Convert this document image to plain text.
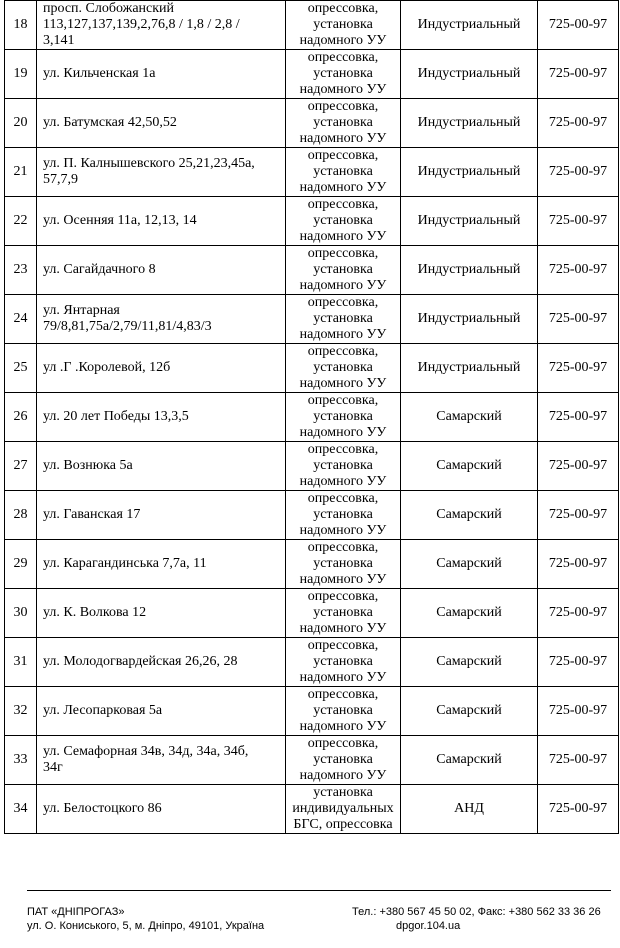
18	просп. Слобожанский
113,127,137,139,2,76,8 / 1,8 / 2,8 /
3,141	опрессовка,
установка
надомного УУ	Индустриальный	725-00-97
19	ул. Кильченская 1а	опрессовка,
установка
надомного УУ	Индустриальный	725-00-97
20	ул. Батумская 42,50,52	опрессовка,
установка
надомного УУ	Индустриальный	725-00-97
21	ул. П. Калнышевского 25,21,23,45а,
57,7,9	опрессовка,
установка
надомного УУ	Индустриальный	725-00-97
22	ул. Осенняя 11а, 12,13, 14	опрессовка,
установка
надомного УУ	Индустриальный	725-00-97
23	ул. Сагайдачного 8	опрессовка,
установка
надомного УУ	Индустриальный	725-00-97
24	ул. Янтарная
79/8,81,75а/2,79/11,81/4,83/3	опрессовка,
установка
надомного УУ	Индустриальный	725-00-97
25	ул .Г .Королевой, 12б	опрессовка,
установка
надомного УУ	Индустриальный	725-00-97
26	ул. 20 лет Победы 13,3,5	опрессовка,
установка
надомного УУ	Самарский	725-00-97
27	ул. Вознюка 5а	опрессовка,
установка
надомного УУ	Самарский	725-00-97
28	ул. Гаванская 17	опрессовка,
установка
надомного УУ	Самарский	725-00-97
29	ул. Карагандинська 7,7а, 11	опрессовка,
установка
надомного УУ	Самарский	725-00-97
30	ул. К. Волкова 12	опрессовка,
установка
надомного УУ	Самарский	725-00-97
31	ул. Молодогвардейская 26,26, 28	опрессовка,
установка
надомного УУ	Самарский	725-00-97
32	ул. Лесопарковая 5а	опрессовка,
установка
надомного УУ	Самарский	725-00-97
33	ул. Семафорная 34в, 34д, 34а, 34б,
34г	опрессовка,
установка
надомного УУ	Самарский	725-00-97
34	ул. Белостоцкого 86	установка
индивидуальных
БГС, опрессовка	АНД	725-00-97
ПАТ «ДНІПРОГАЗ»
ул. О. Кониського, 5, м. Дніпро, 49101, Україна
Тел.: +380 567 45 50 02, Факс: +380 562 33 36 26
dpgor.104.ua
